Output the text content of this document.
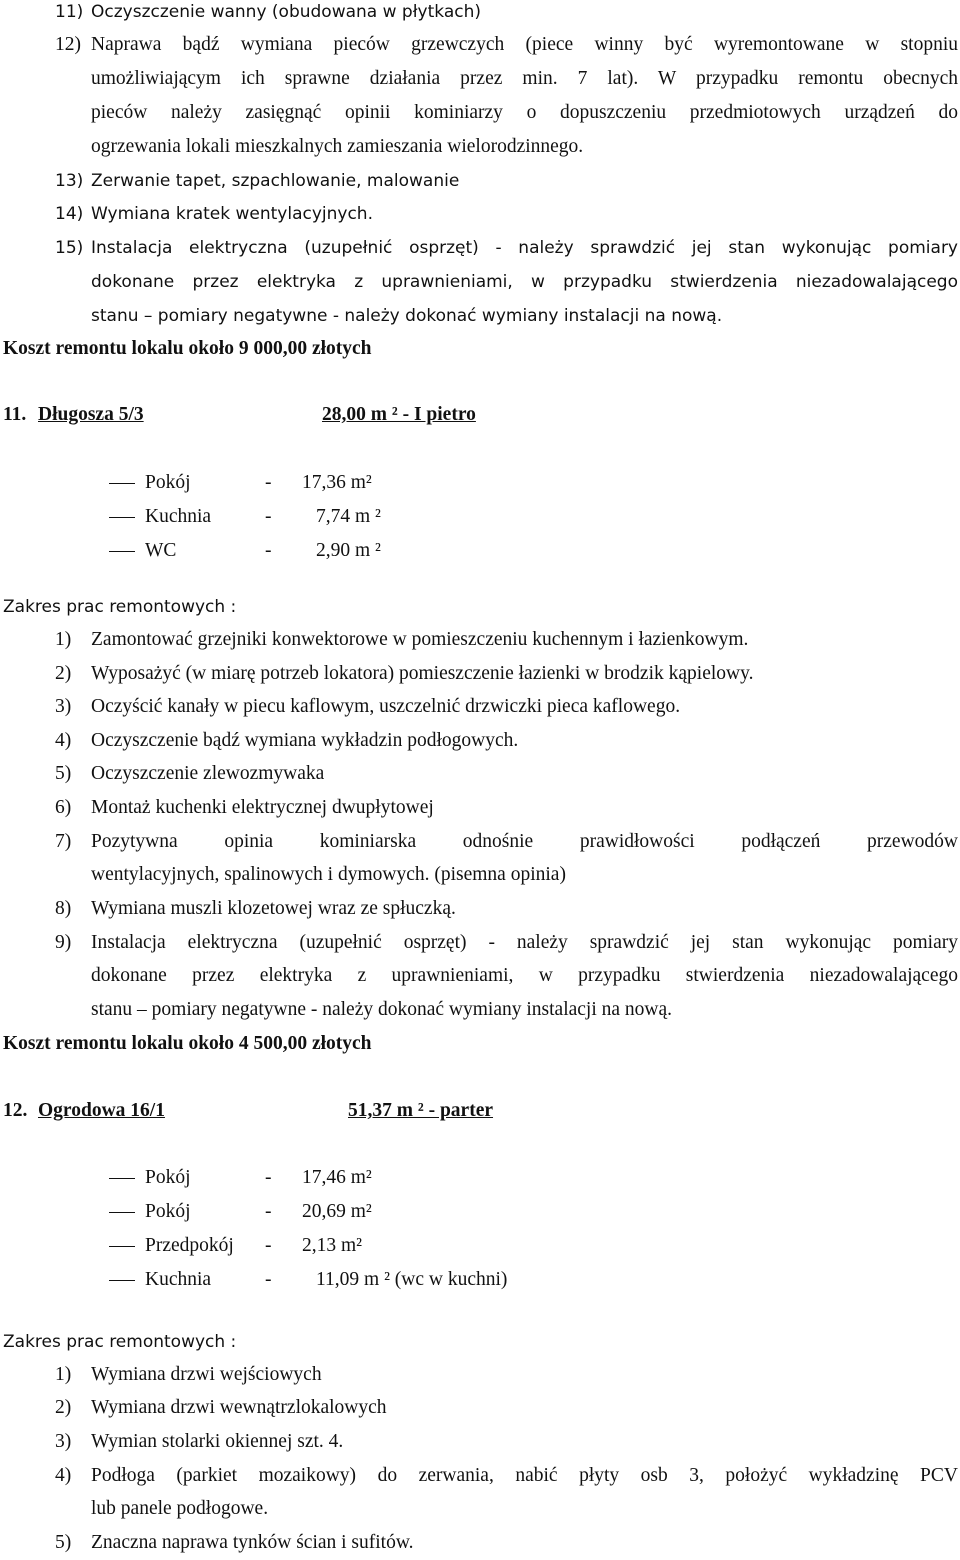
11) Oczyszczenie wanny (obudowana w płytkach)
12) Naprawa bądź wymiana pieców grzewczych (piece winny być wyremontowane w stopniu
umożliwiającym ich sprawne działania przez min. 7 lat). W przypadku remontu obecnych
pieców należy zasięgnąć opinii kominiarzy o dopuszczeniu przedmiotowych urządzeń do
ogrzewania lokali mieszkalnych zamieszania wielorodzinnego.
13) Zerwanie tapet, szpachlowanie, malowanie
14) Wymiana kratek wentylacyjnych.
15) Instalacja elektryczna (uzupełnić osprzęt) - należy sprawdzić jej stan wykonując pomiary
dokonane przez elektryka z uprawnieniami, w przypadku stwierdzenia niezadowalającego
stanu – pomiary negatywne - należy dokonać wymiany instalacji na nową.
Koszt remontu lokalu około 9 000,00 złotych
11. Długosza 5/3	28,00 m ² - I pietro
Pokój	- 17,36 m²
Kuchnia	- 7,74 m ²
WC	- 2,90 m ²
Zakres prac remontowych :
1) Zamontować grzejniki konwektorowe w pomieszczeniu kuchennym i łazienkowym.
2) Wyposażyć (w miarę potrzeb lokatora) pomieszczenie łazienki w brodzik kąpielowy.
3) Oczyścić kanały w piecu kaflowym, uszczelnić drzwiczki pieca kaflowego.
4) Oczyszczenie bądź wymiana wykładzin podłogowych.
5) Oczyszczenie zlewozmywaka
6) Montaż kuchenki elektrycznej dwupłytowej
7) Pozytywna opinia kominiarska odnośnie prawidłowości podłączeń przewodów
wentylacyjnych, spalinowych i dymowych. (pisemna opinia)
8) Wymiana muszli klozetowej wraz ze spłuczką.
9) Instalacja elektryczna (uzupełnić osprzęt) - należy sprawdzić jej stan wykonując pomiary
dokonane przez elektryka z uprawnieniami, w przypadku stwierdzenia niezadowalającego
stanu – pomiary negatywne - należy dokonać wymiany instalacji na nową.
Koszt remontu lokalu około 4 500,00 złotych
12. Ogrodowa 16/1	51,37 m ² - parter
Pokój	- 17,46 m²
Pokój	- 20,69 m²
Przedpokój - 2,13 m²
Kuchnia	- 11,09 m ² (wc w kuchni)
Zakres prac remontowych :
1) Wymiana drzwi wejściowych
2) Wymiana drzwi wewnątrzlokalowych
3) Wymian stolarki okiennej szt. 4.
4) Podłoga (parkiet mozaikowy) do zerwania, nabić płyty osb 3, położyć wykładzinę PCV
lub panele podłogowe.
5) Znaczna naprawa tynków ścian i sufitów.
